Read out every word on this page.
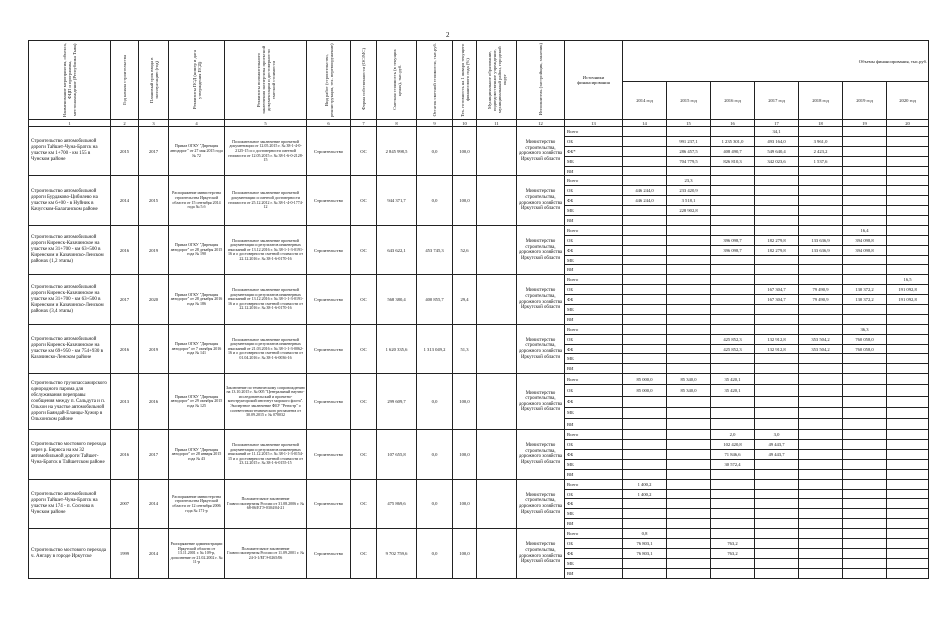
2
Наименование мероприятия, объекта, ФЦП и программы, местонахождение (Республика Тыва)	Год начала строительства	Плановый срок ввода в эксплуатацию (год)	Реквизиты ПСД (номер и дата утверждения ПСД)	Реквизиты положительного заключения экспертизы проектной документации и достоверности сметной стоимости	Вид работ (строительство, реконструкция, тех. перевооружение)	Форма собственности (ОС/МС)	Сметная стоимость (в текущих ценах), тыс.руб.	Остаток сметной стоимости, тыс.руб.	Тех. готовность на 1 января текущего финансового года (%)	Муниципальное образование, подведомственное учреждение, муниципальный район, городской округ	Исполнитель (застройщик, заказчик)	Источники финансирования	Объемы финансирования, тыс.руб.						
													2014 год	2015 год	2016 год	2017 год	2018 год	2019 год	2020 год
1	2	3	4	5	6	7	8	9	10	11	12	13	14	15	16	17	18	19	20
Строительство автомобильной дороги Тайшет-Чуна-Братск на участке км 1+700 - км 155 в Чунском районе	2015	2017	Приказ ОГКУ "Дирекция автодорог" от 27 мая 2015 года № 72	Положительное заключение проектной документации от 12.05.2015 г. № 38-1-4-0-2125-15 и о достоверности сметной стоимости от 12.05.2015 г. № 38-1-6-0-2128-15	Строительство	ОС	2 845 998,5	0,0	100,0		Министерство строительства, дорожного хозяйства Иркутской области	Всего				34,1			
												ОБ		991 237,1	1 235 301,0	493 164,0	3 961,0		
												ФБ*		286 457,5	408 490,7	549 640,4	2 423,2		
												МБ		704 779,5	826 810,3	342 023,6	1 537,6		
												ВИ							
Строительство автомобильной дороги Бурдаково-Цибилево на участке км 6+00 - в Нуйник в Качугском-Балаганском районе	2014	2015	Распоряжение министерства строительства Иркутской области от 15 сентября 2014 года № 5.б	Положительное заключение проектной документации и сметной достоверности стоимости от 25.12.2012 г. № 38-1-4-0-1774-12	Строительство	ОС	944 371,7	0,0	100,0		Министерство строительства, дорожного хозяйства Иркутской области	Всего		23,3					
												ОБ	446 244,0	233 420,9					
												ФБ	446 244,0	3 518,1					
												МБ		228 902,8					
												ВИ							
Строительство автомобильной дороги Киренск-Казачинское на участке км 31+700 - км 63+500 в Киренском и Казачинско-Ленском районах (1,2 этапы)	2016	2019	Приказ ОГКУ "Дирекция автодорог" от 28 декабря 2015 года № 190	Положительное заключение проектной документации и результатов инженерных изысканий от 13.12.2016 г. № 38-1-1-3-0191-16 и о достоверности сметной стоимости от 22.12.2016 г. № 38-1-6-0170-16	Строительство	ОС	643 622,1	453 745,3	52,6		Министерство строительства, дорожного хозяйства Иркутской области	Всего						16,4	
												ОБ			396 098,7	182 279,8	133 636,9	394 098,8	
												ФБ			396 098,7	182 279,8	133 636,9	394 098,8	
												МБ							
												ВИ							
Строительство автомобильной дороги Киренск-Казачинское на участке км 31+700 - км 63+500 в Киренском и Казачинско-Ленском районах (3,4 этапы)	2017	2020	Приказ ОГКУ "Дирекция автодорог" от 28 декабря 2016 года № 186	Положительное заключение проектной документации и результатов инженерных изысканий от 13.12.2016 г. № 38-1-1-3-0191-16 и о достоверности сметной стоимости от 22.12.2016 г. № 38-1-6-0170-16	Строительство	ОС	568 380,4	400 855,7	29,4		Министерство строительства, дорожного хозяйства Иркутской области	Всего							16,5
												ОБ				167 304,7	79 490,9	130 372,2	191 092,8
												ФБ				167 304,7	79 490,9	130 372,2	191 092,8
												МБ							
												ВИ							
Строительство автомобильной дороги Киренск-Казачинское на участке км 69+950 - км 754+930 в Казачинско-Ленском районе	2016	2019	Приказ ОГКУ "Дирекция автодорог" от 7 октября 2016 года № 141	Положительное заключение проектной документации и результатов инженерных изысканий от 21.03.2016 г. № 38-1-1-3-0062-16 и о достоверности сметной стоимости от 01.04.2016 г. № 38-1-6-0036-16	Строительство	ОС	1 620 335,6	1 313 049,2	51,3		Министерство строительства, дорожного хозяйства Иркутской области	Всего						36,3	
												ОБ			425 852,3	132 912,8	353 504,2	760 058,0	
												ФБ			425 852,3	132 912,8	353 504,2	760 058,0	
												МБ							
												ВИ							
Строительство грузопассажирского однородного парома для обслуживания переправы сообщения между п. Сальдута и п. Ольхон на участке автомобильной дороги Баяндай-Еланцы-Хужир в Ольхонском районе	2013	2016	Приказ ОГКУ "Дирекция автодорог" от 29 октября 2015 года № 125	Заключение по техническому сопровождению на 13.10.2015 г. № 005 "Центральный научно-исследовательский и проектно-конструкторский институт морского флота". Экспертное заключение ФБУ "Регистр" о соответствии технического регламента от 30.09.2015 г. № 070032	Строительство	ОС	299 609,7	0,0	100,0		Министерство строительства, дорожного хозяйства Иркутской области	Всего	85 000,0	85 340,0	35 420,1				
												ОБ	85 000,0	85 340,0	35 420,1				
												ФБ							
												МБ							
												ВИ							
Строительство мостового перехода через р. Бирюса на км 32 автомобильной дороги Тайшет-Чуна-Братск в Тайшетском районе	2016	2017	Приказ ОГКУ "Дирекция автодорог" от 28 января 2015 года № 43	Положительное заключение проектной документации и результатов инженерных изысканий от 11.12.2015 г. № 38-1-1-3-0154-15 и о достоверности сметной стоимости от 23.12.2015 г. № 38-1-6-0155-15	Строительство	ОС	107 655,8	0,0	100,0		Министерство строительства, дорожного хозяйства Иркутской области	Всего			2,0	3,0			
												ОБ			102 420,8	49 443,7			
												ФБ			71 846,6	49 443,7			
												МБ			30 572,4				
												ВИ							
Строительство автомобильной дороги Тайшет-Чуна-Братск на участке км 174 - п. Соснова в Чунском районе	2007	2014	Распоряжение министерства строительства Иркутской области от 12 сентября 2006 года № 171-р	Положительное заключение Главгосэкспертизы России от 31.08.2006 г. № 68-06/ЕГЭ-0304/04-21	Строительство	ОС	475 869,6	0,0	100,0		Министерство строительства, дорожного хозяйства Иркутской области	Всего	1 400,2						
												ОБ	1 400,2						
												ФБ							
												МБ							
												ВИ							
Строительство мостового перехода ч. Ангару в городе Иркутске	1999	2014	Распоряжение администрации Иркутской области от 13.11.2001 г. № 109-р, дополнение от 21.02.2002 г. № 11-р	Положительное заключение Главгосэкспертизы России от 11.09.2001 г. № 24-3-1/ЕГЭ-0265/06	Строительство	ОС	9 702 759,6	0,0	100,0		Министерство строительства, дорожного хозяйства Иркутской области	Всего	0,8						
												ОБ	76 803,1		763,2				
												ФБ	76 803,1		763,2				
												МБ							
												ВИ							
